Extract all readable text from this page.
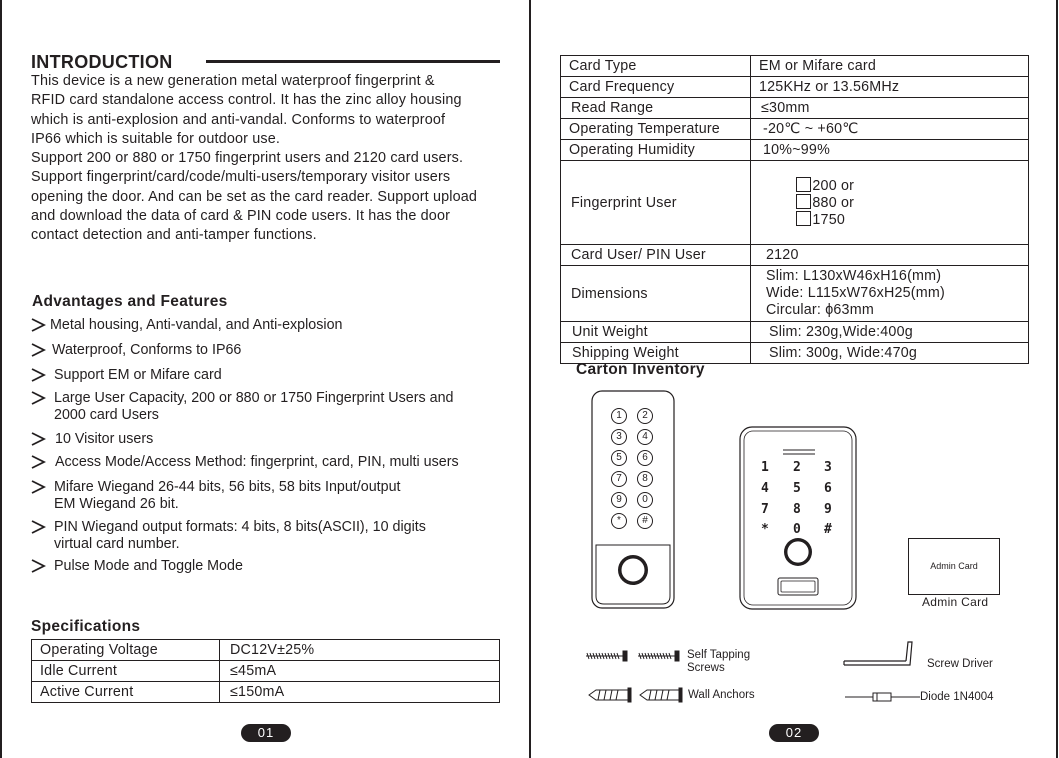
INTRODUCTION
This device is a new generation metal waterproof fingerprint &
RFID card standalone access control. It has the zinc alloy housing
which is anti-explosion and anti-vandal. Conforms to waterproof
IP66 which is suitable for outdoor use.
Support 200 or 880 or 1750 fingerprint users and 2120 card users.
Support fingerprint/card/code/multi-users/temporary visitor users
opening the door. And can be set as the card reader. Support upload
and download the data of card & PIN code users. It has the door
contact detection and anti-tamper functions.
Advantages and Features
Metal housing, Anti-vandal, and Anti-explosion
Waterproof, Conforms to IP66
Support EM or Mifare card
Large User Capacity, 200 or 880 or 1750 Fingerprint Users and
2000 card Users
10 Visitor users
Access Mode/Access Method: fingerprint, card, PIN, multi users
Mifare Wiegand 26-44 bits, 56 bits, 58 bits Input/output
EM Wiegand 26 bit.
PIN Wiegand output formats: 4 bits, 8 bits(ASCII), 10 digits
virtual card number.
Pulse Mode and Toggle Mode
Specifications
Operating Voltage	DC12V±25%
Idle Current	≤45mA
Active Current	≤150mA
01
Card Type	EM or Mifare card
Card Frequency	125KHz or 13.56MHz
Read Range	≤30mm
Operating Temperature	-20℃ ~ +60℃
Operating Humidity	10%~99%
Fingerprint User	200 or
880 or
1750

Card User/ PIN User	2120
Dimensions	Slim: L130xW46xH16(mm)
Wide: L115xW76xH25(mm)
Circular: ϕ63mm
Unit Weight	Slim: 230g,Wide:400g
Shipping Weight	Slim: 300g, Wide:470g
Carton Inventory
1	2
3	4
5	6
7	8
9	0
*	#
1 2 3
4 5 6
7 8 9
* 0 #
Admin Card
Admin Card
Self Tapping
Screws
Wall Anchors
Screw Driver
Diode 1N4004
02
